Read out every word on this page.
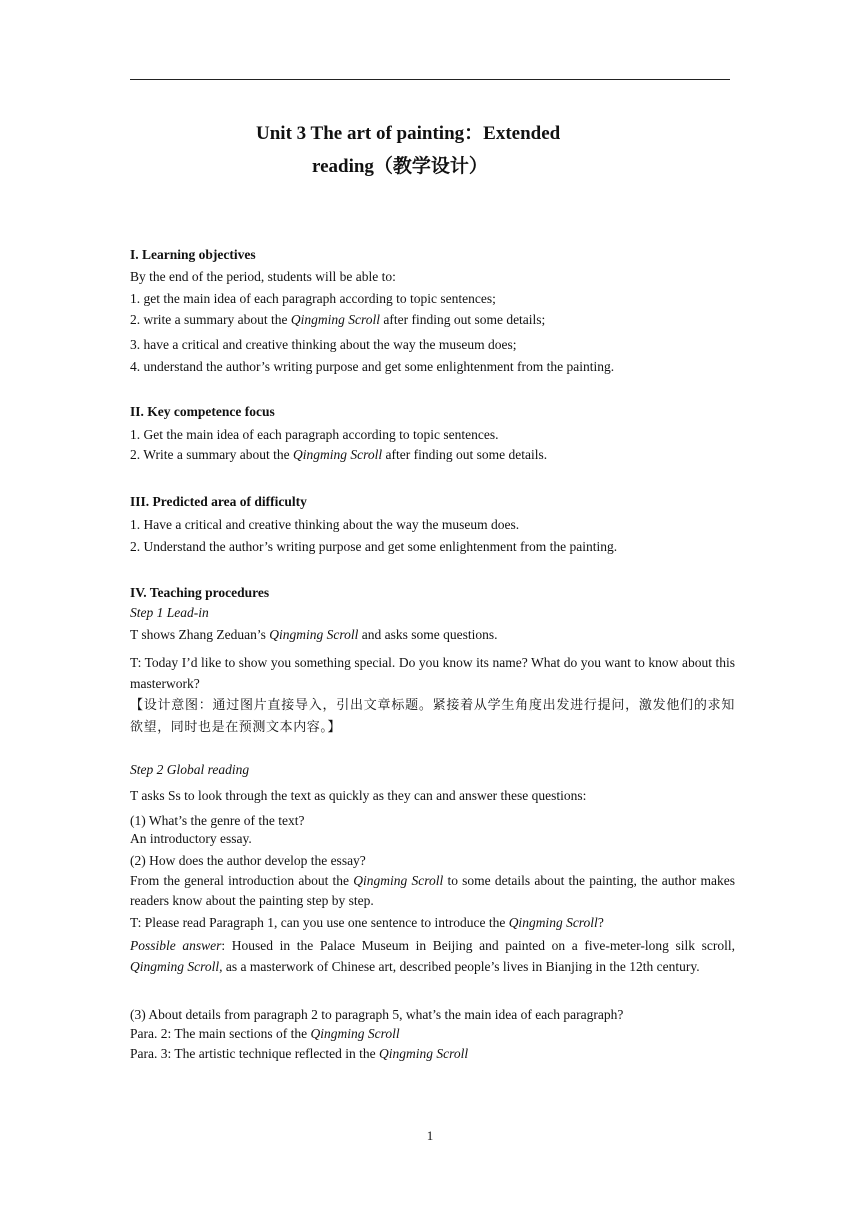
Unit 3 The art of painting：Extended
reading（教学设计）
I. Learning objectives
By the end of the period, students will be able to:
1. get the main idea of each paragraph according to topic sentences;
2. write a summary about the Qingming Scroll after finding out some details;
3. have a critical and creative thinking about the way the museum does;
4. understand the author’s writing purpose and get some enlightenment from the painting.
II. Key competence focus
1. Get the main idea of each paragraph according to topic sentences.
2. Write a summary about the Qingming Scroll after finding out some details.
III. Predicted area of difficulty
1. Have a critical and creative thinking about the way the museum does.
2. Understand the author’s writing purpose and get some enlightenment from the painting.
IV. Teaching procedures
Step 1 Lead-in
T shows Zhang Zeduan’s Qingming Scroll and asks some questions.
T: Today I’d like to show you something special. Do you know its name? What do you want to know about this masterwork?
【设计意图：通过图片直接导入，引出文章标题。紧接着从学生角度出发进行提问，激发他们的求知欲望，同时也是在预测文本内容。】
Step 2 Global reading
T asks Ss to look through the text as quickly as they can and answer these questions:
(1) What’s the genre of the text?
An introductory essay.
(2) How does the author develop the essay?
From the general introduction about the Qingming Scroll to some details about the painting, the author makes readers know about the painting step by step.
T: Please read Paragraph 1, can you use one sentence to introduce the Qingming Scroll?
Possible answer: Housed in the Palace Museum in Beijing and painted on a five-meter-long silk scroll, Qingming Scroll, as a masterwork of Chinese art, described people’s lives in Bianjing in the 12th century.
(3) About details from paragraph 2 to paragraph 5, what’s the main idea of each paragraph?
Para. 2: The main sections of the Qingming Scroll
Para. 3: The artistic technique reflected in the Qingming Scroll
1
